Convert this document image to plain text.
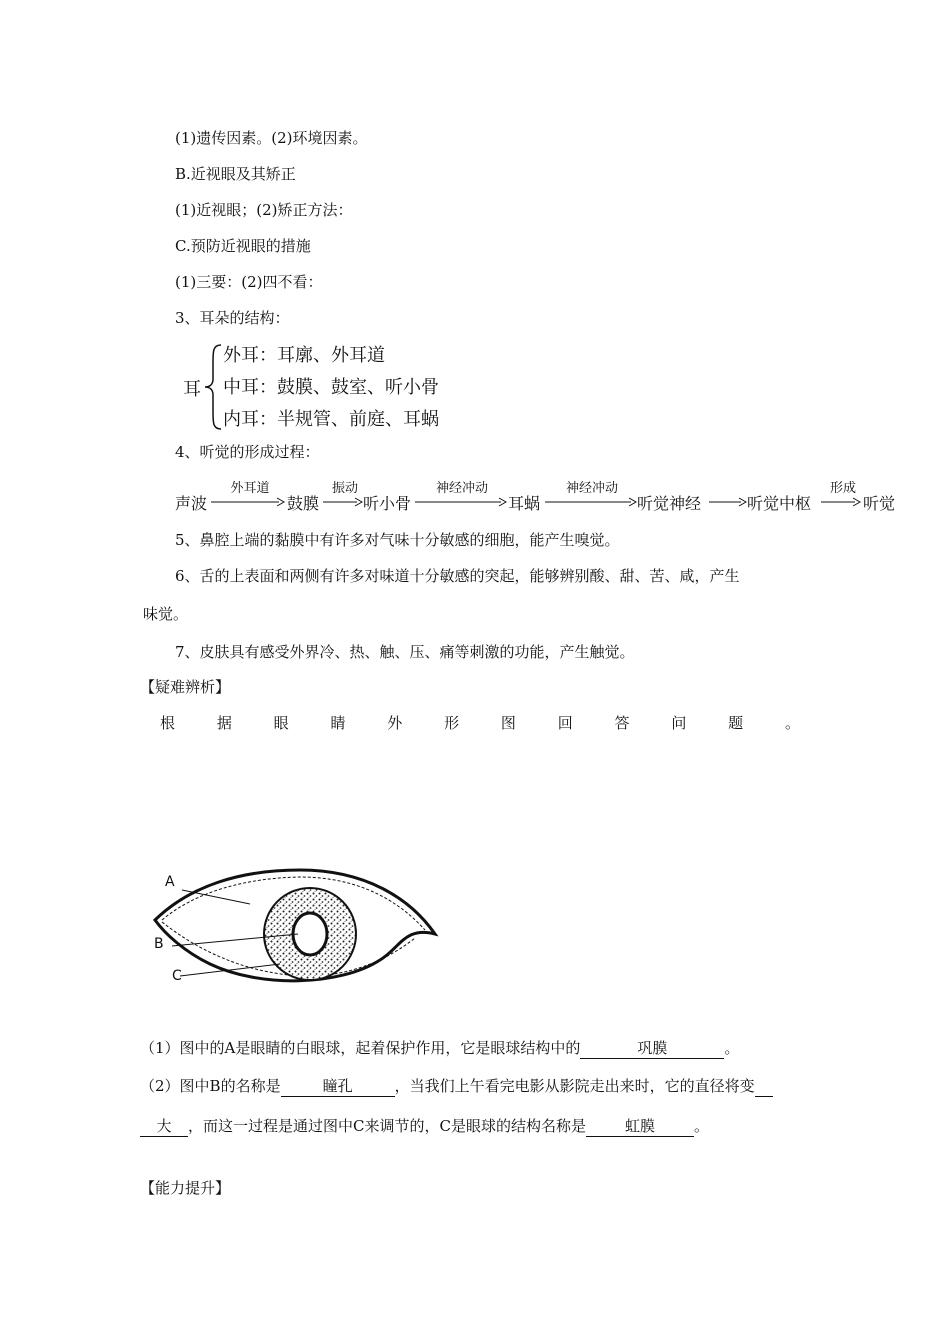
(1)遗传因素。(2)环境因素。
B.近视眼及其矫正
(1)近视眼；(2)矫正方法：
C.预防近视眼的措施
(1)三要：(2)四不看：
3、耳朵的结构：
耳
外耳：耳廓、外耳道
中耳：鼓膜、鼓室、听小骨
内耳：半规管、前庭、耳蜗
4、听觉的形成过程：
声波
外耳道
鼓膜
振动
听小骨
神经冲动
耳蜗
神经冲动
听觉神经	听觉中枢
形成
听觉
5、鼻腔上端的黏膜中有许多对气味十分敏感的细胞，能产生嗅觉。
6、舌的上表面和两侧有许多对味道十分敏感的突起，能够辨别酸、甜、苦、咸，产生
味觉。
7、皮肤具有感受外界冷、热、触、压、痛等刺激的功能，产生触觉。
【疑难辨析】
根	据	眼	睛	外	形	图	回	答	问	题	。
A
B
C
（1）图中的A是眼睛的白眼球，起着保护作用，它是眼球结构中的	巩膜	。
（2）图中B的名称是	瞳孔	，当我们上午看完电影从影院走出来时，它的直径将变
大 ，而这一过程是通过图中C来调节的，C是眼球的结构名称是	虹膜	。
【能力提升】
